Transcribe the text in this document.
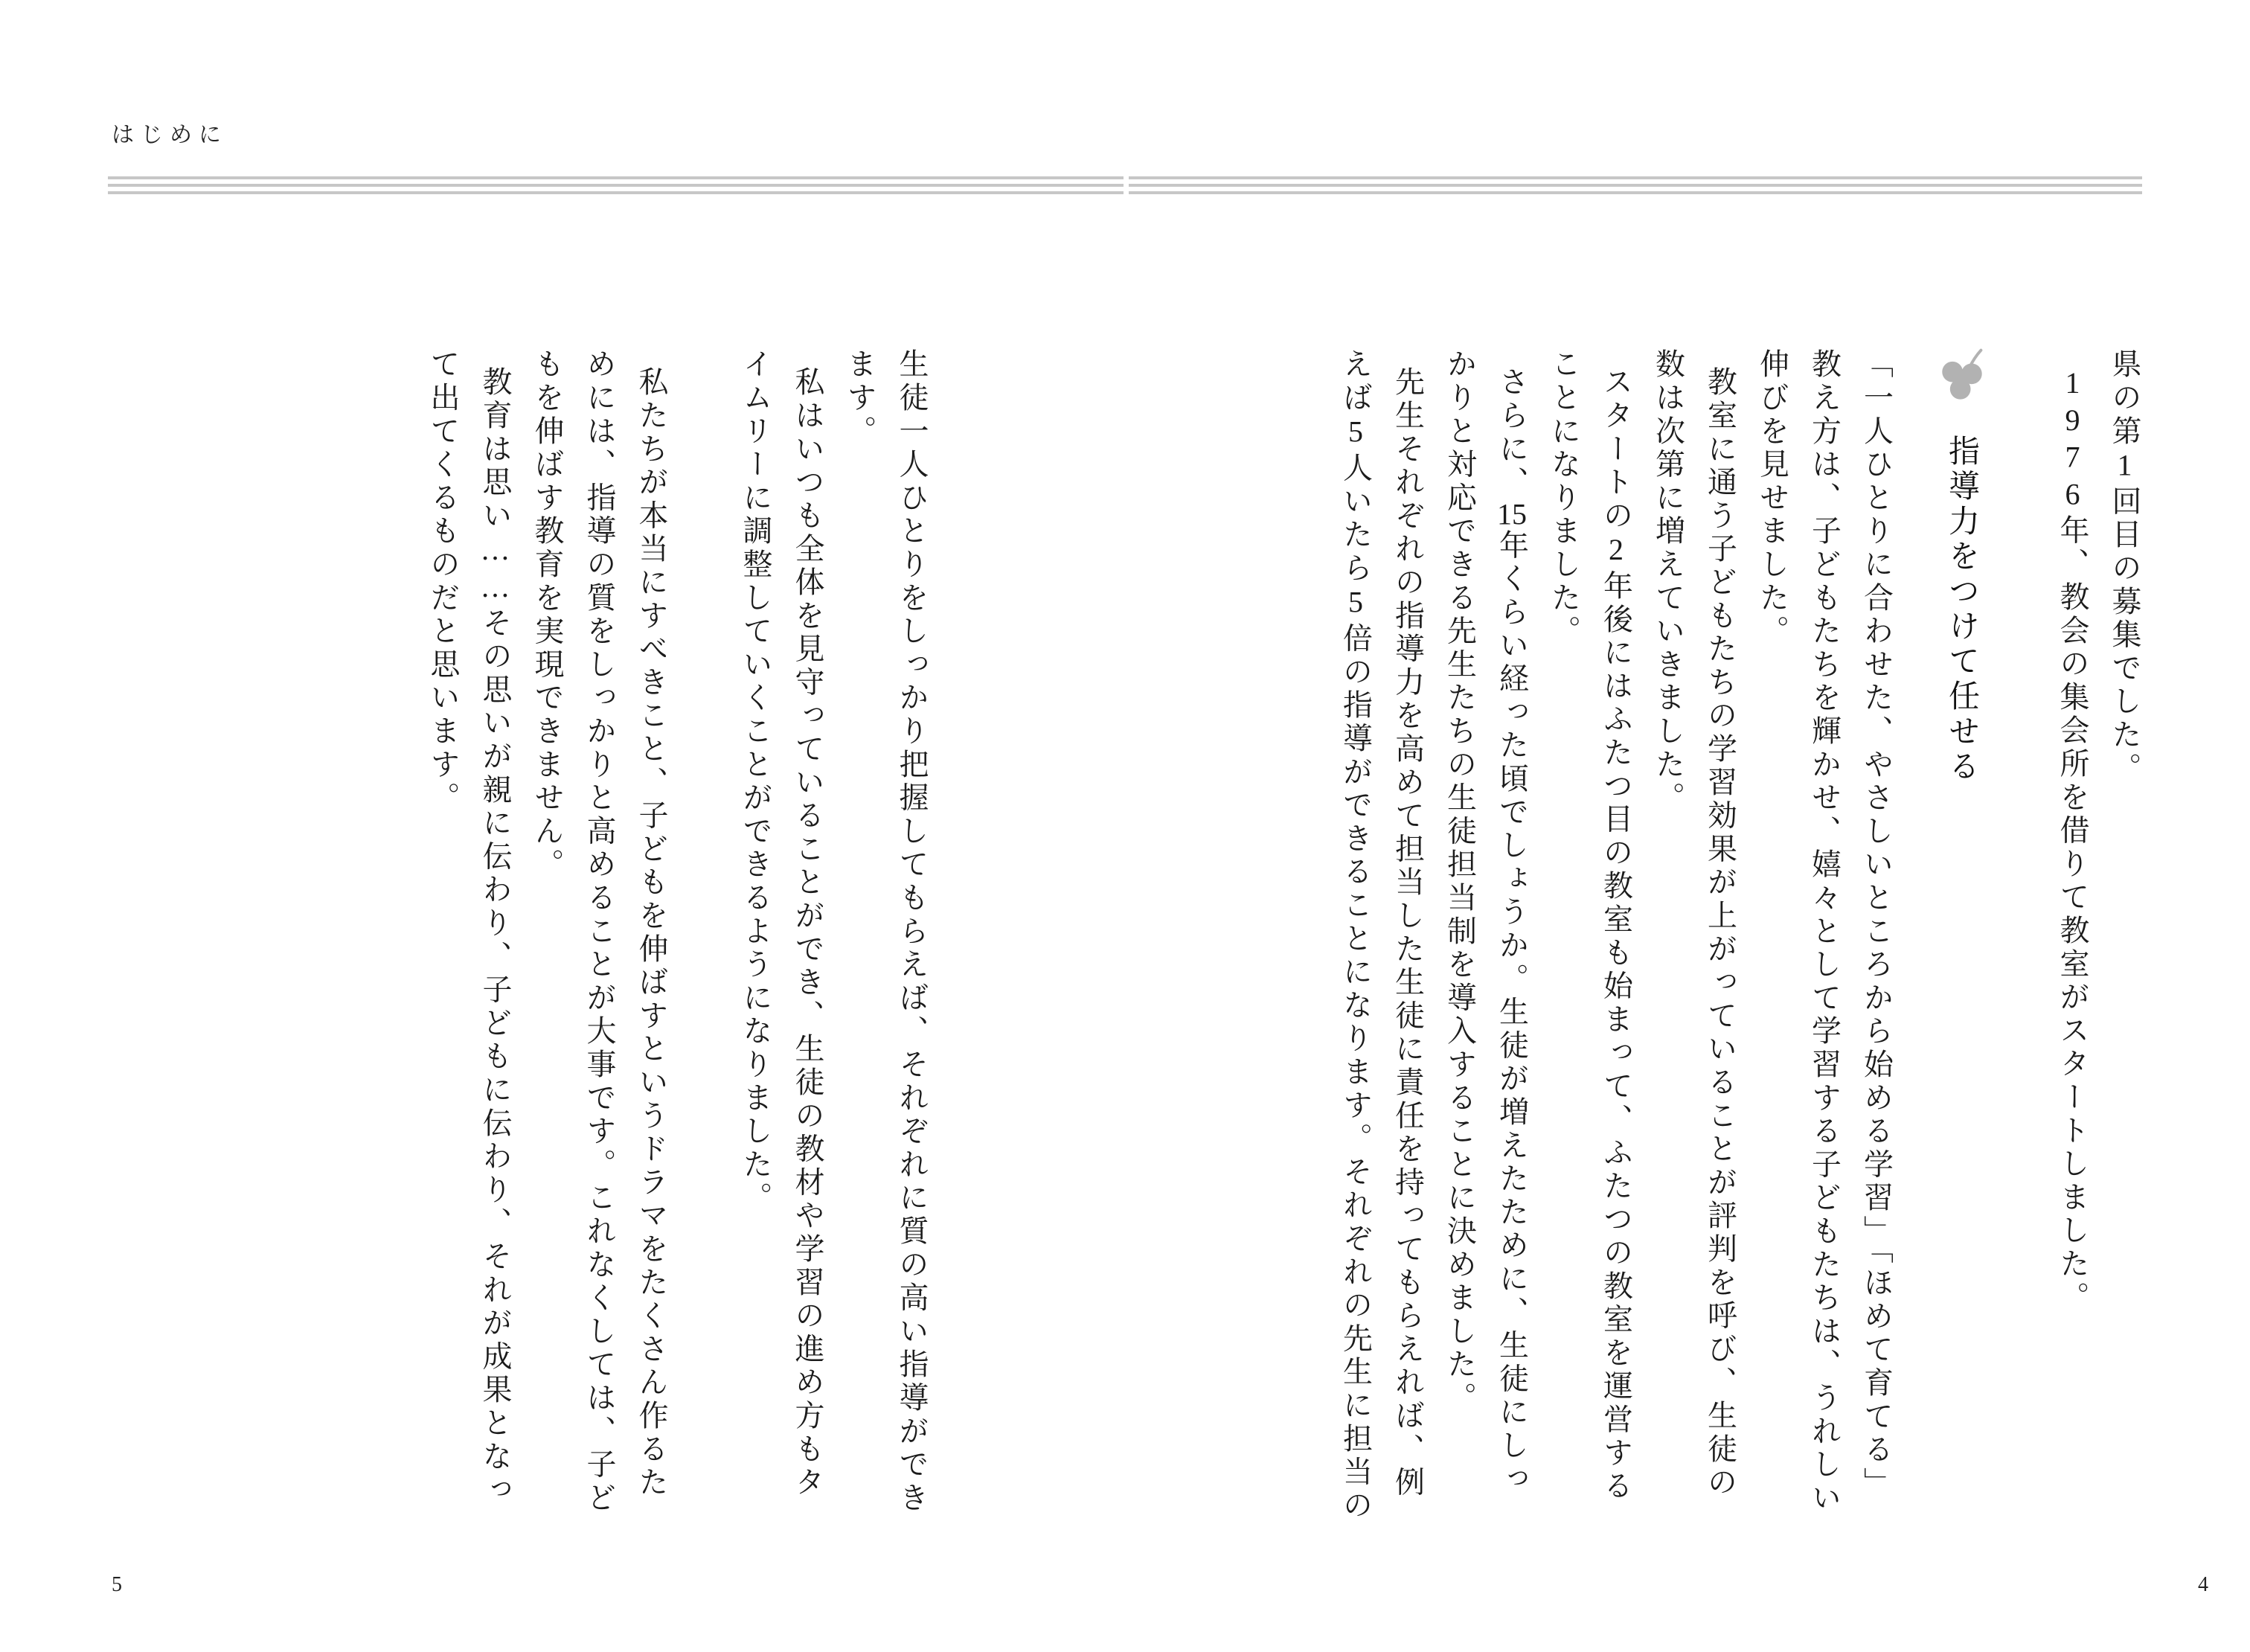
はじめに
県の第1回目の募集でした。
1976年、教会の集会所を借りて教室がスタートしました。
指導力をつけて任せる
「一人ひとりに合わせた、やさしいところから始める学習」「ほめて育てる」
教え方は、子どもたちを輝かせ、嬉々として学習する子どもたちは、うれしい
伸びを見せました。
教室に通う子どもたちの学習効果が上がっていることが評判を呼び、生徒の
数は次第に増えていきました。
スタートの2年後にはふたつ目の教室も始まって、ふたつの教室を運営する
ことになりました。
さらに、15年くらい経った頃でしょうか。生徒が増えたために、生徒にしっ
かりと対応できる先生たちの生徒担当制を導入することに決めました。
先生それぞれの指導力を高めて担当した生徒に責任を持ってもらえれば、例
えば5人いたら5倍の指導ができることになります。それぞれの先生に担当の
生徒一人ひとりをしっかり把握してもらえば、それぞれに質の高い指導ができ
ます。
私はいつも全体を見守っていることができ、生徒の教材や学習の進め方もタ
イムリーに調整していくことができるようになりました。
私たちが本当にすべきこと、子どもを伸ばすというドラマをたくさん作るた
めには、指導の質をしっかりと高めることが大事です。これなくしては、子ど
もを伸ばす教育を実現できません。
教育は思い……その思いが親に伝わり、子どもに伝わり、それが成果となっ
て出てくるものだと思います。
5	4
